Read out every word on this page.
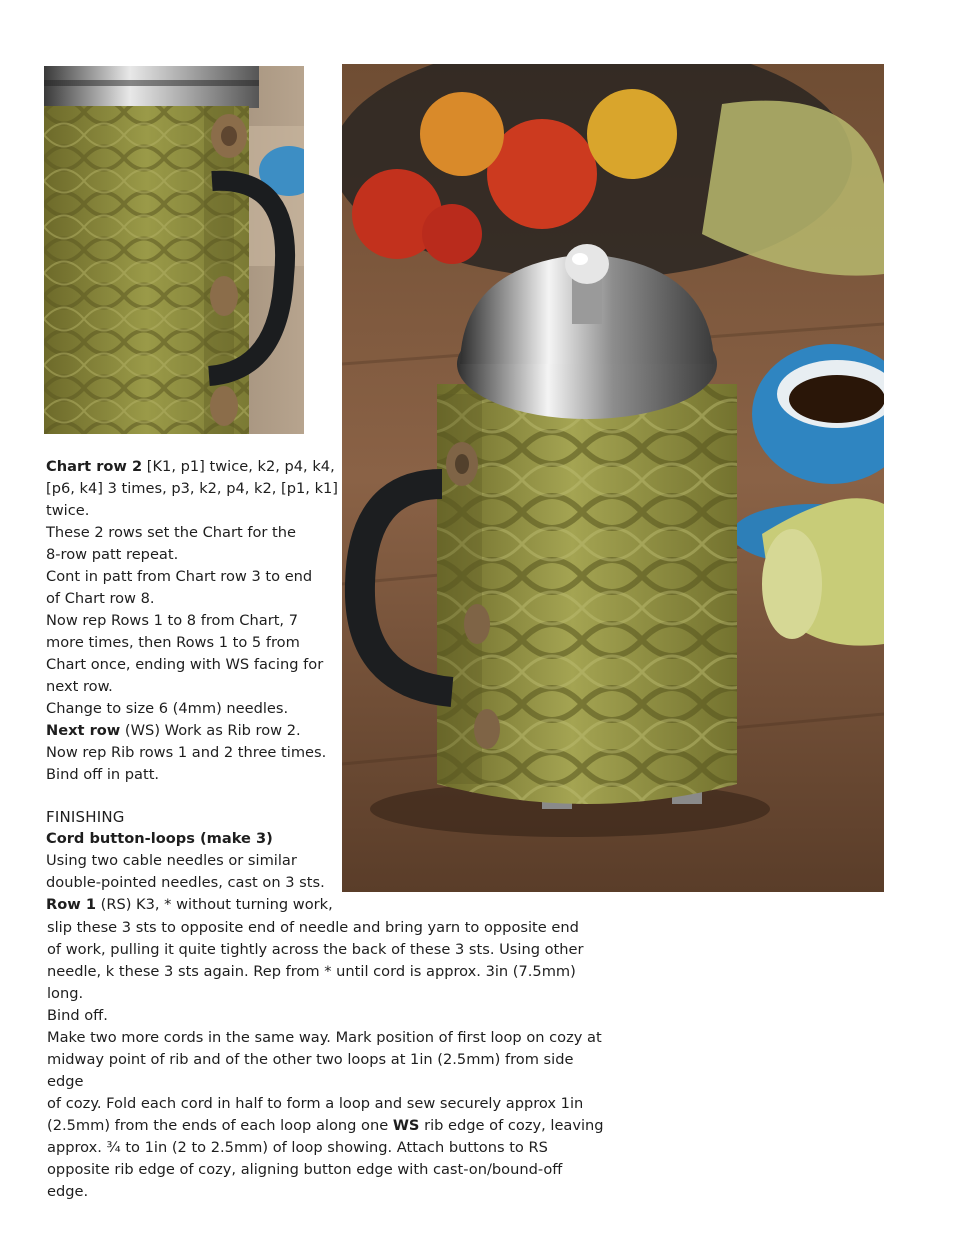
Chart row 2 [K1, p1] twice, k2, p4, k4,

[p6, k4] 3 times, p3, k2, p4, k2, [p1, k1]

twice.

These 2 rows set the Chart for the

8-row patt repeat.

Cont in patt from Chart row 3 to end

of Chart row 8.

Now rep Rows 1 to 8 from Chart, 7

more times, then Rows 1 to 5 from

Chart once, ending with WS facing for

next row.

Change to size 6 (4mm) needles.

Next row (WS) Work as Rib row 2.

Now rep Rib rows 1 and 2 three times.

Bind off in patt.

FINISHING

Cord button-loops (make 3)

Using two cable needles or similar

double-pointed needles, cast on 3 sts.

Row 1 (RS) K3, * without turning work,

slip these 3 sts to opposite end of needle and bring yarn to opposite end

of work, pulling it quite tightly across the back of these 3 sts. Using other

needle, k these 3 sts again. Rep from * until cord is approx. 3in (7.5mm) long.

Bind off.

Make two more cords in the same way. Mark position of first loop on cozy at

midway point of rib and of the other two loops at 1in (2.5mm) from side edge

of cozy. Fold each cord in half to form a loop and sew securely approx 1in

(2.5mm) from the ends of each loop along one WS rib edge of cozy, leaving

approx. ¾ to 1in (2 to 2.5mm) of loop showing. Attach buttons to RS

opposite rib edge of cozy, aligning button edge with cast-on/bound-off edge.
